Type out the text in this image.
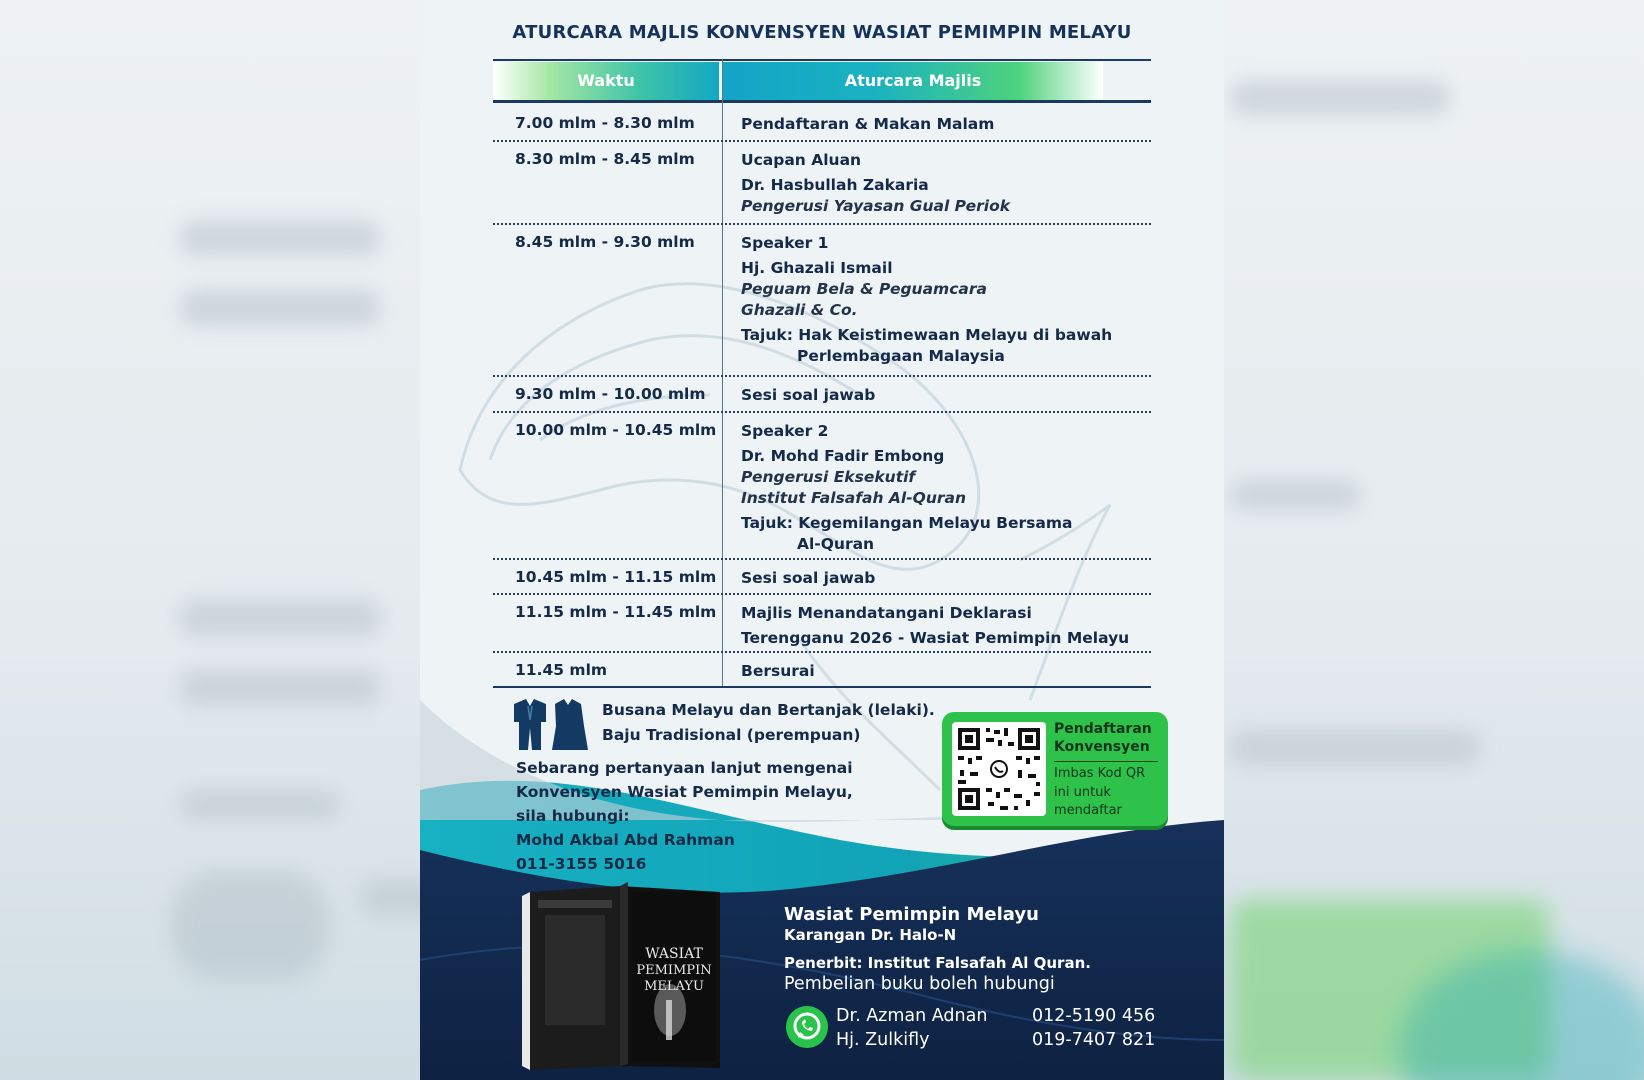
WASIAT
PEMIMPIN
MELAYU
ATURCARA MAJLIS KONVENSYEN WASIAT PEMIMPIN MELAYU
Waktu	Aturcara Majlis
7.00 mlm - 8.30 mlm	Pendaftaran & Makan Malam
8.30 mlm - 8.45 mlm	Ucapan Aluan
Dr. Hasbullah Zakaria
Pengerusi Yayasan Gual Periok
8.45 mlm - 9.30 mlm	Speaker 1
Hj. Ghazali Ismail
Peguam Bela & Peguamcara
Ghazali & Co.
Tajuk: Hak Keistimewaan Melayu di bawah
Perlembagaan Malaysia
9.30 mlm - 10.00 mlm Sesi soal jawab
10.00 mlm - 10.45 mlm Speaker 2
Dr. Mohd Fadir Embong
Pengerusi Eksekutif
Institut Falsafah Al-Quran
Tajuk: Kegemilangan Melayu Bersama
Al-Quran
10.45 mlm - 11.15 mlm Sesi soal jawab
11.15 mlm - 11.45 mlm Majlis Menandatangani Deklarasi
Terengganu 2026 - Wasiat Pemimpin Melayu
11.45 mlm	Bersurai
Busana Melayu dan Bertanjak (lelaki).
Baju Tradisional (perempuan)
Sebarang pertanyaan lanjut mengenai
Konvensyen Wasiat Pemimpin Melayu,
sila hubungi:
Mohd Akbal Abd Rahman
011-3155 5016
Pendaftaran
Konvensyen
Imbas Kod QR
ini untuk
mendaftar
Wasiat Pemimpin Melayu
Karangan Dr. Halo-N
Penerbit: Institut Falsafah Al Quran.
Pembelian buku boleh hubungi
Dr. Azman Adnan	012-5190 456
Hj. Zulkifly	019-7407 821
